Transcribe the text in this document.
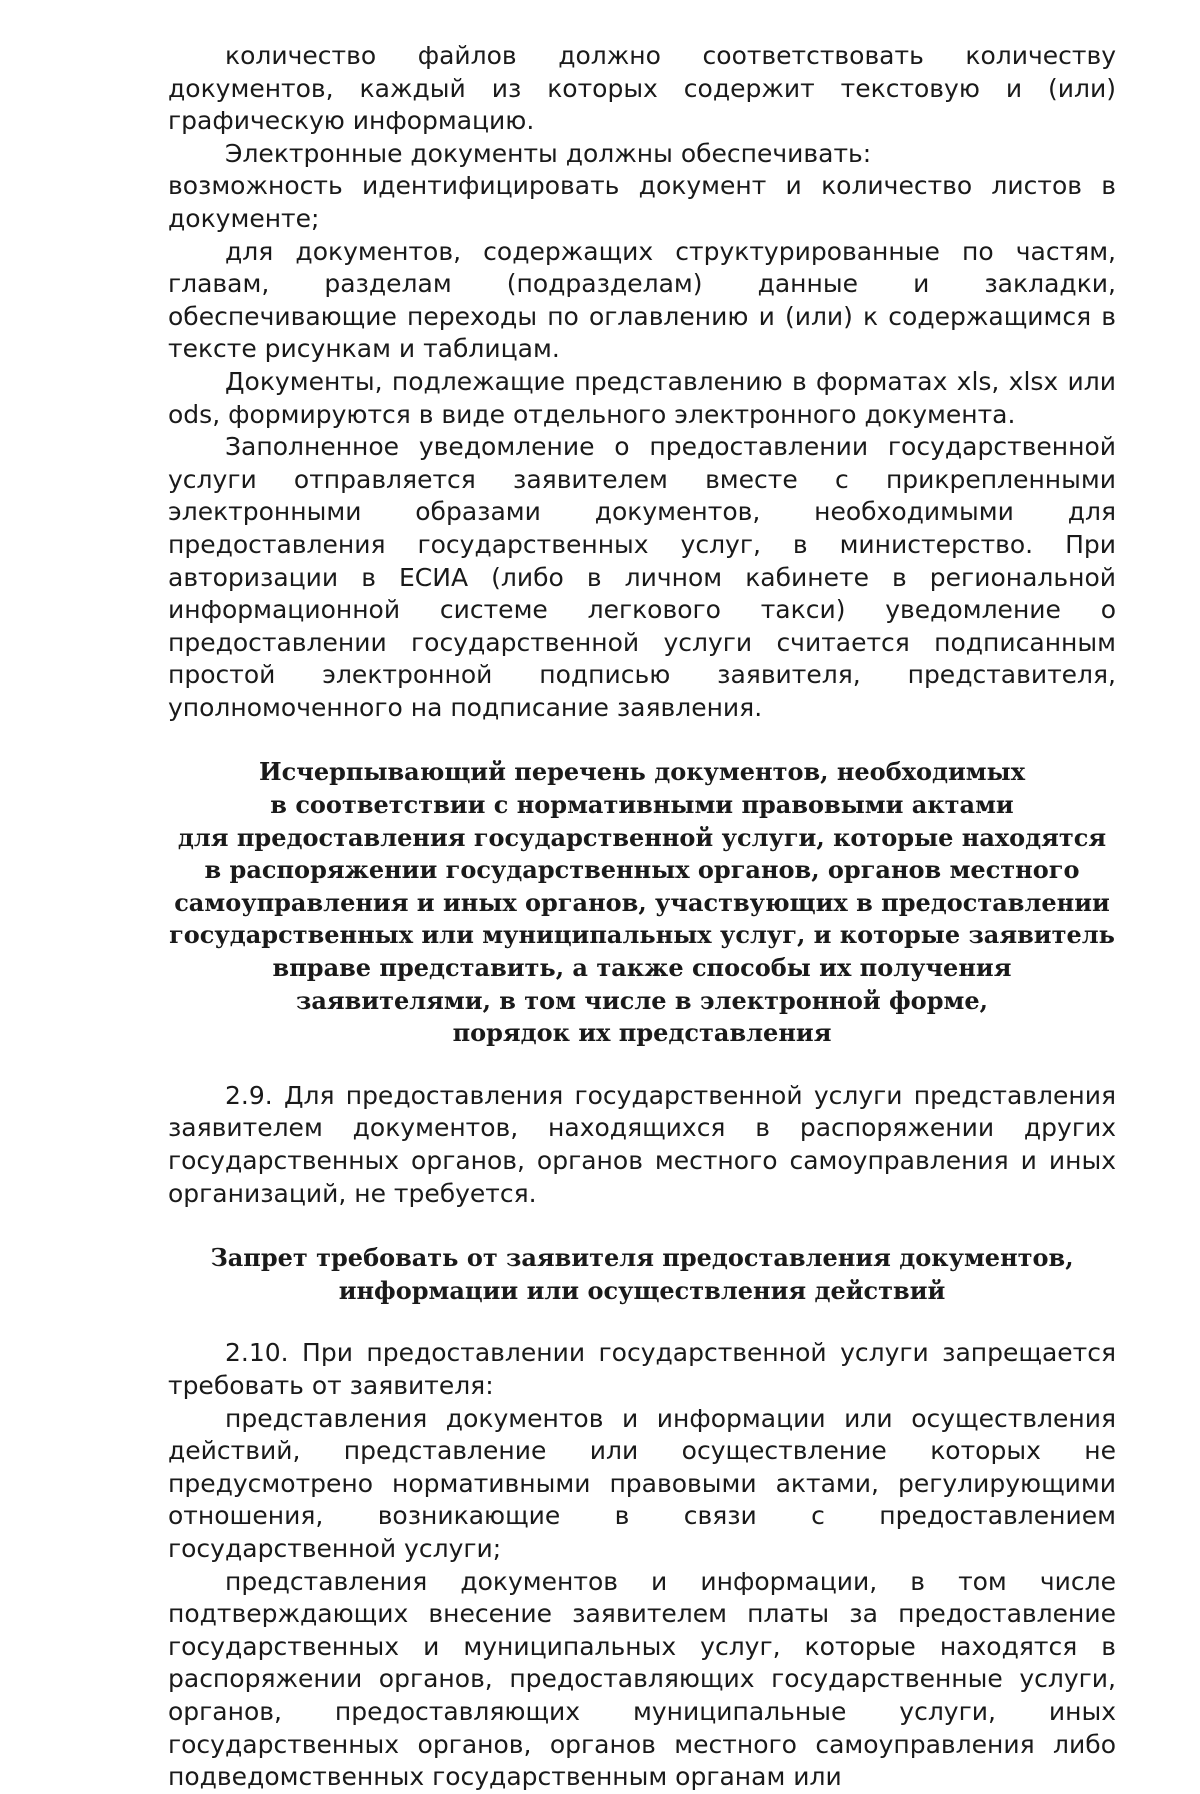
количество файлов должно соответствовать количеству документов, каждый из которых содержит текстовую и (или) графическую информацию.

Электронные документы должны обеспечивать:

возможность идентифицировать документ и количество листов в документе;

для документов, содержащих структурированные по частям, главам, разделам (подразделам) данные и закладки, обеспечивающие переходы по оглавлению и (или) к содержащимся в тексте рисункам и таблицам.

Документы, подлежащие представлению в форматах xls, xlsx или ods, формируются в виде отдельного электронного документа.

Заполненное уведомление о предоставлении государственной услуги отправляется заявителем вместе с прикрепленными электронными образами документов, необходимыми для предоставления государственных услуг, в министерство. При авторизации в ЕСИА (либо в личном кабинете в региональной информационной системе легкового такси) уведомление о предоставлении государственной услуги считается подписанным простой электронной подписью заявителя, представителя, уполномоченного на подписание заявления.

Исчерпывающий перечень документов, необходимых
в соответствии с нормативными правовыми актами
для предоставления государственной услуги, которые находятся
в распоряжении государственных органов, органов местного
самоуправления и иных органов, участвующих в предоставлении
государственных или муниципальных услуг, и которые заявитель
вправе представить, а также способы их получения
заявителями, в том числе в электронной форме,
порядок их представления

2.9. Для предоставления государственной услуги представления заявителем документов, находящихся в распоряжении других государственных органов, органов местного самоуправления и иных организаций, не требуется.

Запрет требовать от заявителя предоставления документов,
информации или осуществления действий

2.10. При предоставлении государственной услуги запрещается требовать от заявителя:

представления документов и информации или осуществления действий, представление или осуществление которых не предусмотрено нормативными правовыми актами, регулирующими отношения, возникающие в связи с предоставлением государственной услуги;

представления документов и информации, в том числе подтверждающих внесение заявителем платы за предоставление государственных и муниципальных услуг, которые находятся в распоряжении органов, предоставляющих государственные услуги, органов, предоставляющих муниципальные услуги, иных государственных органов, органов местного самоуправления либо подведомственных государственным органам или
